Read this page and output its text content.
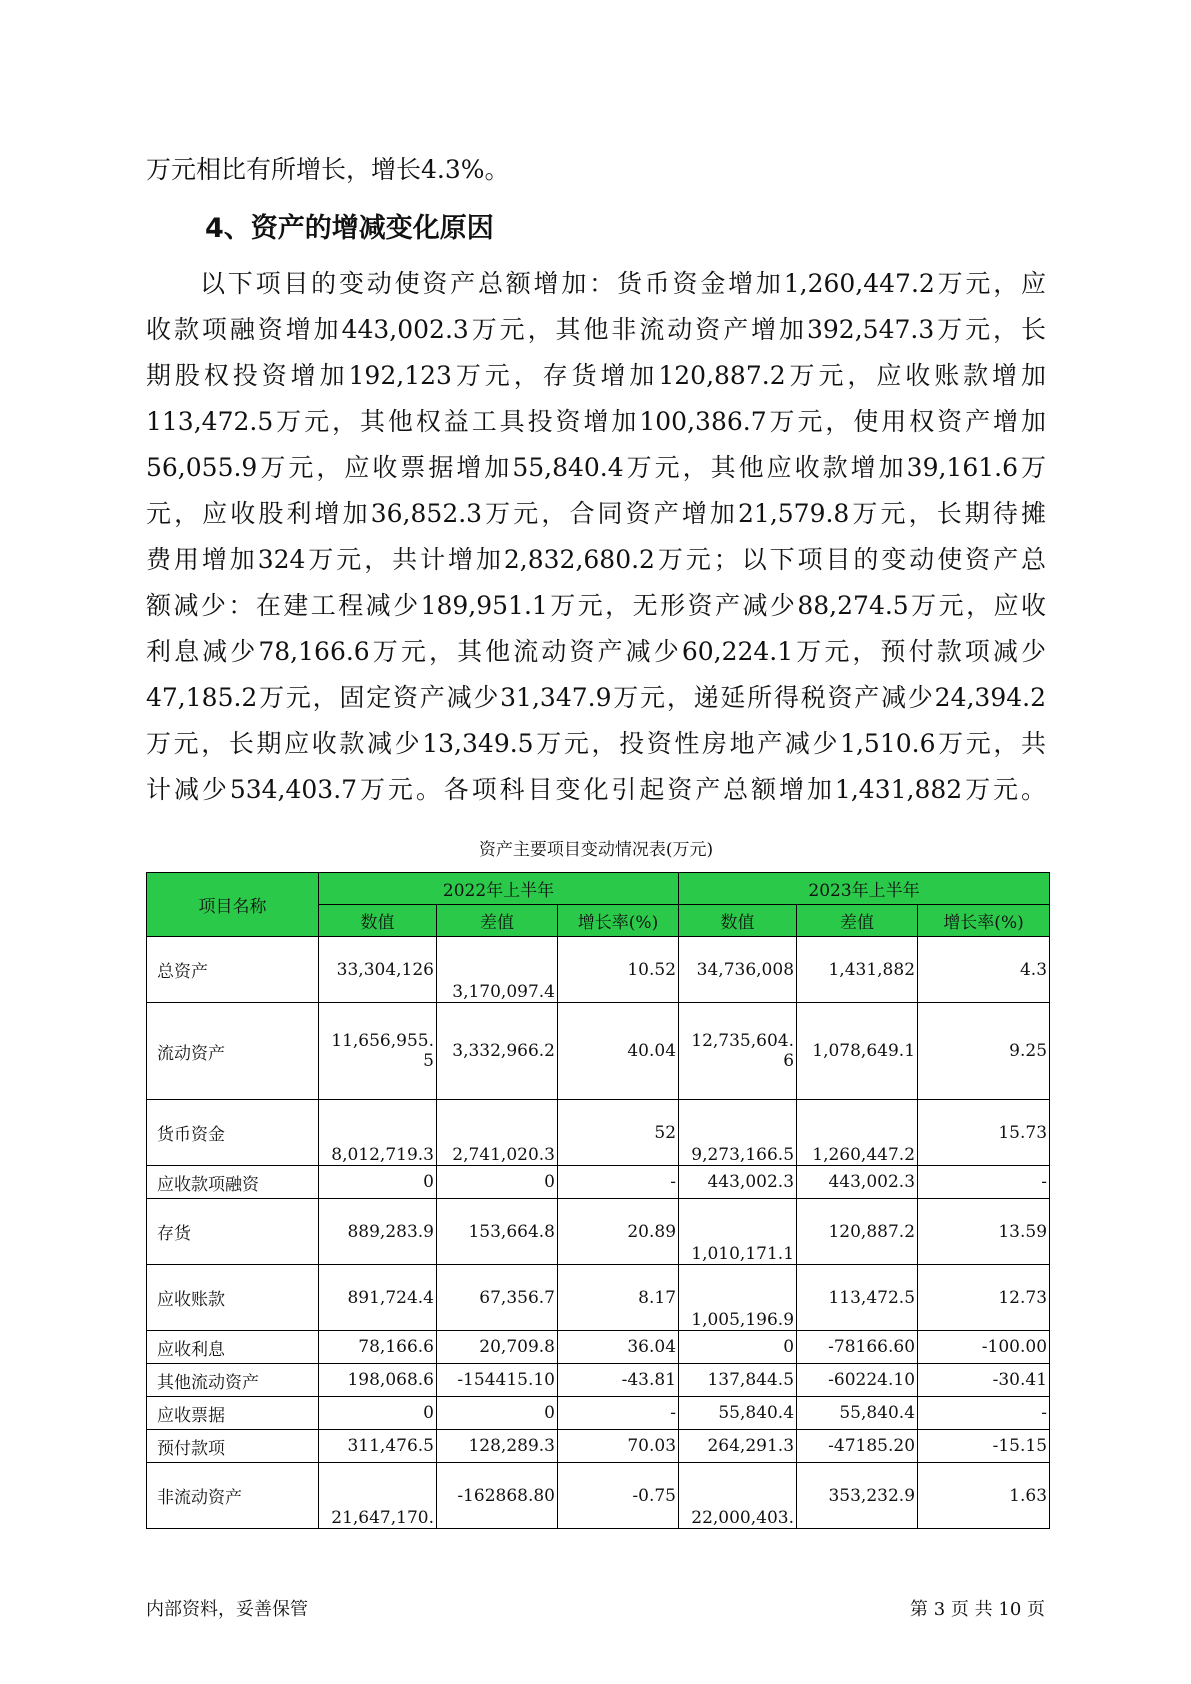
万元相比有所增长，增长4.3%。
4、资产的增减变化原因
以下项目的变动使资产总额增加：货币资金增加1,260,447.2万元，应
收款项融资增加443,002.3万元，其他非流动资产增加392,547.3万元，长
期股权投资增加192,123万元，存货增加120,887.2万元，应收账款增加
113,472.5万元，其他权益工具投资增加100,386.7万元，使用权资产增加
56,055.9万元，应收票据增加55,840.4万元，其他应收款增加39,161.6万
元，应收股利增加36,852.3万元，合同资产增加21,579.8万元，长期待摊
费用增加324万元，共计增加2,832,680.2万元；以下项目的变动使资产总
额减少：在建工程减少189,951.1万元，无形资产减少88,274.5万元，应收
利息减少78,166.6万元，其他流动资产减少60,224.1万元，预付款项减少
47,185.2万元，固定资产减少31,347.9万元，递延所得税资产减少24,394.2
万元，长期应收款减少13,349.5万元，投资性房地产减少1,510.6万元，共
计减少534,403.7万元。各项科目变化引起资产总额增加1,431,882万元。
资产主要项目变动情况表(万元)
项目名称	2022年上半年			2023年上半年		
	数值	差值	增长率(%)	数值	差值	增长率(%)
总资产	33,304,126	3,170,097.4	10.52	34,736,008	1,431,882	4.3
流动资产	11,656,955.5	3,332,966.2	40.04	12,735,604.6	1,078,649.1	9.25
货币资金	8,012,719.3	2,741,020.3	52	9,273,166.5	1,260,447.2	15.73
应收款项融资	0	0	-	443,002.3	443,002.3	-
存货	889,283.9	153,664.8	20.89	1,010,171.1	120,887.2	13.59
应收账款	891,724.4	67,356.7	8.17	1,005,196.9	113,472.5	12.73
应收利息	78,166.6	20,709.8	36.04	0	-78166.60	-100.00
其他流动资产	198,068.6	-154415.10	-43.81	137,844.5	-60224.10	-30.41
应收票据	0	0	-	55,840.4	55,840.4	-
预付款项	311,476.5	128,289.3	70.03	264,291.3	-47185.20	-15.15
非流动资产	21,647,170.	-162868.80	-0.75	22,000,403.	353,232.9	1.63
内部资料，妥善保管	第 3 页 共 10 页
